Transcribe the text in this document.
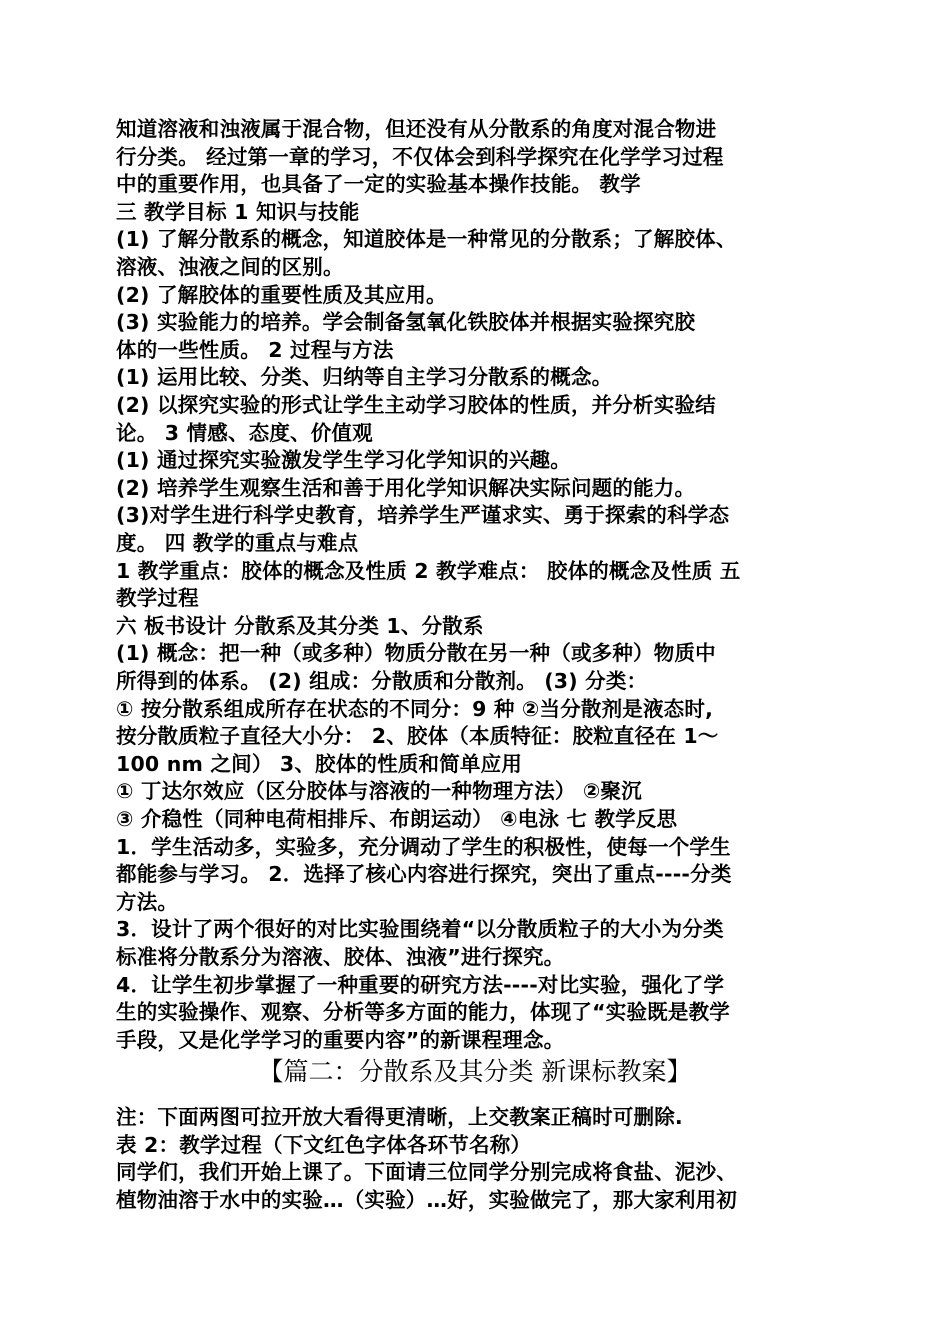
知道溶液和浊液属于混合物，但还没有从分散系的角度对混合物进
行分类。 经过第一章的学习，不仅体会到科学探究在化学学习过程
中的重要作用，也具备了一定的实验基本操作技能。 教学
三 教学目标 1 知识与技能
(1) 了解分散系的概念，知道胶体是一种常见的分散系；了解胶体、
溶液、浊液之间的区别。
(2) 了解胶体的重要性质及其应用。
(3) 实验能力的培养。学会制备氢氧化铁胶体并根据实验探究胶
体的一些性质。 2 过程与方法
(1) 运用比较、分类、归纳等自主学习分散系的概念。
(2) 以探究实验的形式让学生主动学习胶体的性质，并分析实验结
论。 3 情感、态度、价值观
(1) 通过探究实验激发学生学习化学知识的兴趣。
(2) 培养学生观察生活和善于用化学知识解决实际问题的能力。
(3)对学生进行科学史教育，培养学生严谨求实、勇于探索的科学态
度。 四 教学的重点与难点
1 教学重点：胶体的概念及性质 2 教学难点： 胶体的概念及性质 五
教学过程
六 板书设计 分散系及其分类 1、分散系
(1) 概念：把一种（或多种）物质分散在另一种（或多种）物质中
所得到的体系。 (2) 组成：分散质和分散剂。 (3) 分类：
① 按分散系组成所存在状态的不同分：9 种 ②当分散剂是液态时,
按分散质粒子直径大小分： 2、胶体（本质特征：胶粒直径在 1～
100 nm 之间） 3、胶体的性质和简单应用
① 丁达尔效应（区分胶体与溶液的一种物理方法） ②聚沉
③ 介稳性（同种电荷相排斥、布朗运动） ④电泳 七 教学反思
1．学生活动多，实验多，充分调动了学生的积极性，使每一个学生
都能参与学习。 2．选择了核心内容进行探究，突出了重点----分类
方法。
3．设计了两个很好的对比实验围绕着“以分散质粒子的大小为分类
标准将分散系分为溶液、胶体、浊液”进行探究。
4．让学生初步掌握了一种重要的研究方法----对比实验，强化了学
生的实验操作、观察、分析等多方面的能力，体现了“实验既是教学
手段，又是化学学习的重要内容”的新课程理念。
【篇二：分散系及其分类 新课标教案】
注：下面两图可拉开放大看得更清晰，上交教案正稿时可删除.
表 2：教学过程（下文红色字体各环节名称）
同学们，我们开始上课了。下面请三位同学分别完成将食盐、泥沙、
植物油溶于水中的实验…（实验）…好，实验做完了，那大家利用初
